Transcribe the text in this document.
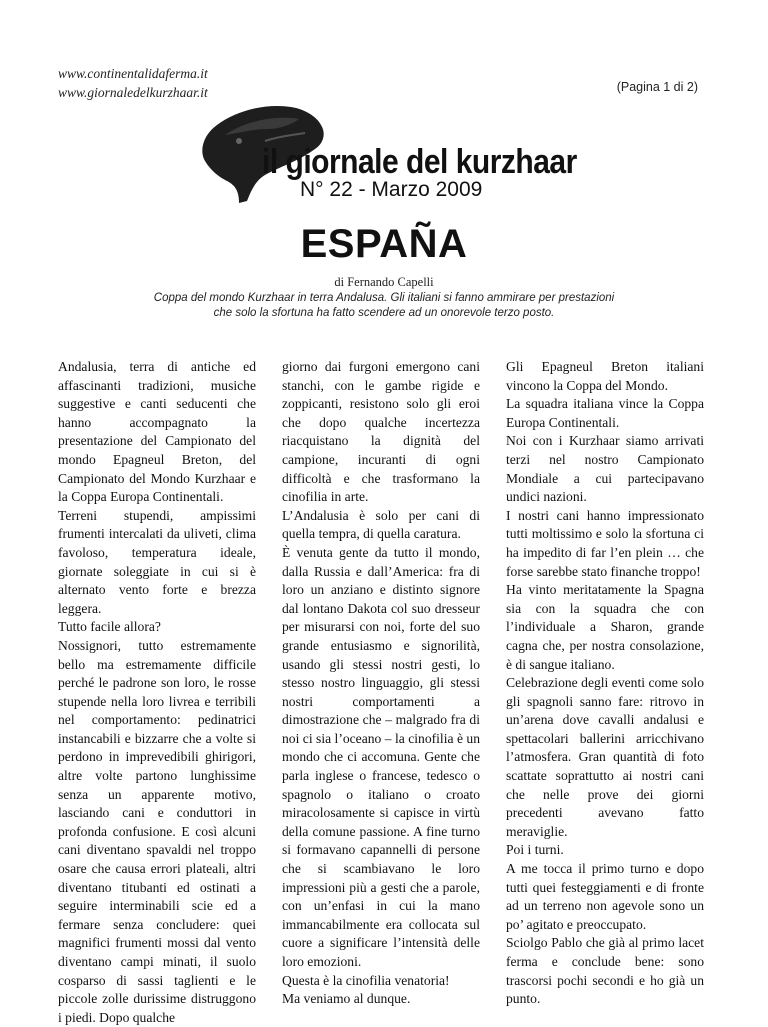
www.continentalidaferma.it
www.giornaledelkurzhaar.it	(Pagina 1 di 2)
il giornale del kurzhaar
N° 22 - Marzo 2009
ESPAÑA
di Fernando Capelli
Coppa del mondo Kurzhaar in terra Andalusa. Gli italiani si fanno ammirare per prestazioni
che solo la sfortuna ha fatto scendere ad un onorevole terzo posto.

Andalusia, terra di antiche ed affascinanti tradizioni, musiche suggestive e canti seducenti che hanno accompagnato la presentazione del Campionato del mondo Epagneul Breton, del Campionato del Mondo Kurzhaar e la Coppa Europa Continentali.

Terreni stupendi, ampissimi frumenti intercalati da uliveti, clima favoloso, temperatura ideale, giornate soleggiate in cui si è alternato vento forte e brezza leggera.

Tutto facile allora?

Nossignori, tutto estremamente bello ma estremamente difficile perché le padrone son loro, le rosse stupende nella loro livrea e terribili nel comportamento: pedinatrici instancabili e bizzarre che a volte si perdono in imprevedibili ghirigori, altre volte partono lunghissime senza un apparente motivo, lasciando cani e conduttori in profonda confusione. E così alcuni cani diventano spavaldi nel troppo osare che causa errori plateali, altri diventano titubanti ed ostinati a seguire interminabili scie ed a fermare senza concludere: quei magnifici frumenti mossi dal vento diventano campi minati, il suolo cosparso di sassi taglienti e le piccole zolle durissime distruggono i piedi. Dopo qualche

giorno dai furgoni emergono cani stanchi, con le gambe rigide e zoppicanti, resistono solo gli eroi che dopo qualche incertezza riacquistano la dignità del campione, incuranti di ogni difficoltà e che trasformano la cinofilia in arte.

L’Andalusia è solo per cani di quella tempra, di quella caratura.

È venuta gente da tutto il mondo, dalla Russia e dall’America: fra di loro un anziano e distinto signore dal lontano Dakota col suo dresseur per misurarsi con noi, forte del suo grande entusiasmo e signorilità, usando gli stessi nostri gesti, lo stesso nostro linguaggio, gli stessi nostri comportamenti a dimostrazione che – malgrado fra di noi ci sia l’oceano – la cinofilia è un mondo che ci accomuna. Gente che parla inglese o francese, tedesco o spagnolo o italiano o croato miracolosamente si capisce in virtù della comune passione. A fine turno si formavano capannelli di persone che si scambiavano le loro impressioni più a gesti che a parole, con un’enfasi in cui la mano immancabilmente era collocata sul cuore a significare l’intensità delle loro emozioni.

Questa è la cinofilia venatoria!

Ma veniamo al dunque.

Gli Epagneul Breton italiani vincono la Coppa del Mondo.

La squadra italiana vince la Coppa Europa Continentali.

Noi con i Kurzhaar siamo arrivati terzi nel nostro Campionato Mondiale a cui partecipavano undici nazioni.

I nostri cani hanno impressionato tutti moltissimo e solo la sfortuna ci ha impedito di far l’en plein … che forse sarebbe stato finanche troppo!

Ha vinto meritatamente la Spagna sia con la squadra che con l’individuale a Sharon, grande cagna che, per nostra consolazione, è di sangue italiano.

Celebrazione degli eventi come solo gli spagnoli sanno fare: ritrovo in un’arena dove cavalli andalusi e spettacolari ballerini arricchivano l’atmosfera. Gran quantità di foto scattate soprattutto ai nostri cani che nelle prove dei giorni precedenti avevano fatto meraviglie.

Poi i turni.

A me tocca il primo turno e dopo tutti quei festeggiamenti e di fronte ad un terreno non agevole sono un po’ agitato e preoccupato.

Sciolgo Pablo che già al primo lacet ferma e conclude bene: sono trascorsi pochi secondi e ho già un punto.
